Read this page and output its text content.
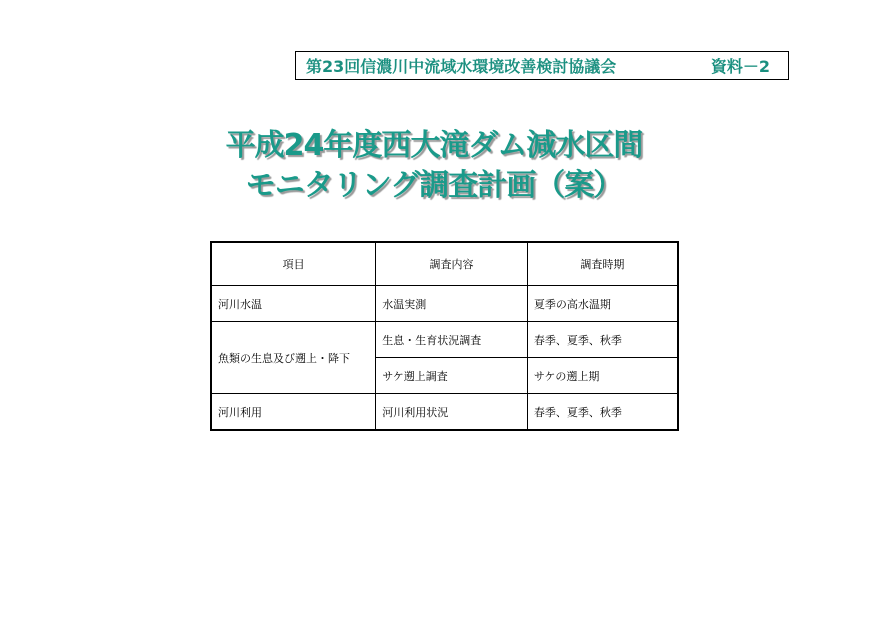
第23回信濃川中流域水環境改善検討協議会	資料－2
平成24年度西大滝ダム減水区間
モニタリング調査計画（案）
項目	調査内容	調査時期
河川水温	水温実測	夏季の高水温期
魚類の生息及び遡上・降下	生息・生育状況調査	春季、夏季、秋季
	サケ遡上調査	サケの遡上期
河川利用	河川利用状況	春季、夏季、秋季
